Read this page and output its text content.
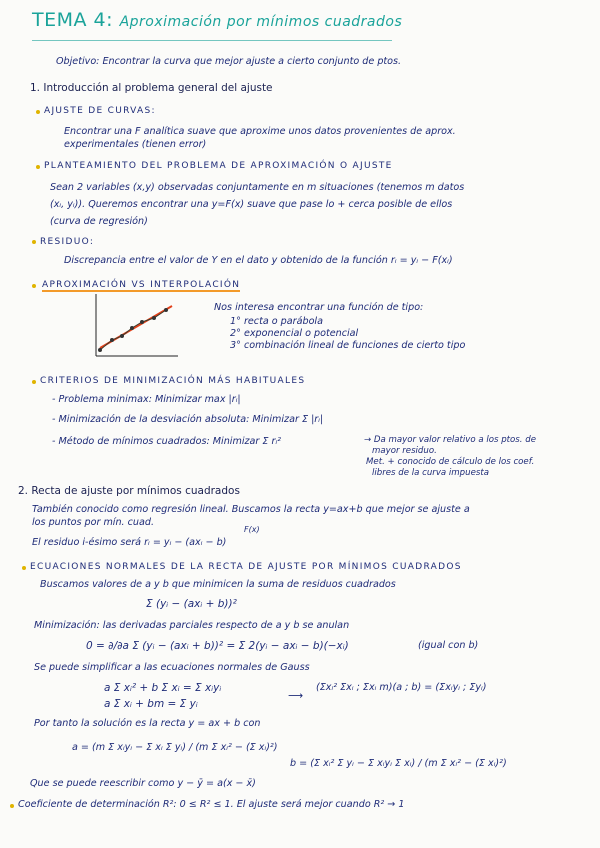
TEMA 4: Aproximación por mínimos cuadrados
Objetivo: Encontrar la curva que mejor ajuste a cierto conjunto de ptos.
1. Introducción al problema general del ajuste
AJUSTE DE CURVAS:
Encontrar una F analítica suave que aproxime unos datos provenientes de aprox.
experimentales (tienen error)
PLANTEAMIENTO DEL PROBLEMA DE APROXIMACIÓN O AJUSTE
Sean 2 variables (x,y) observadas conjuntamente en m situaciones (tenemos m datos
(xᵢ, yᵢ)). Queremos encontrar una y=F(x) suave que pase lo + cerca posible de ellos
(curva de regresión)
RESIDUO:
Discrepancia entre el valor de Y en el dato y obtenido de la función rᵢ = yᵢ − F(xᵢ)
APROXIMACIÓN VS INTERPOLACIÓN
Nos interesa encontrar una función de tipo:
1° recta o parábola
2° exponencial o potencial
3° combinación lineal de funciones de cierto tipo
CRITERIOS DE MINIMIZACIÓN MÁS HABITUALES
- Problema minimax: Minimizar max |rᵢ|
- Minimización de la desviación absoluta: Minimizar Σ |rᵢ|
- Método de mínimos cuadrados: Minimizar Σ rᵢ²	→ Da mayor valor relativo a los ptos. de
mayor residuo.
Met. + conocido de cálculo de los coef.
libres de la curva impuesta
2. Recta de ajuste por mínimos cuadrados
También conocido como regresión lineal. Buscamos la recta y=ax+b que mejor se ajuste a
los puntos por mín. cuad.
F(x)
El residuo i-ésimo será rᵢ = yᵢ − (axᵢ − b)
ECUACIONES NORMALES DE LA RECTA DE AJUSTE POR MÍNIMOS CUADRADOS
Buscamos valores de a y b que minimicen la suma de residuos cuadrados
Σ (yᵢ − (axᵢ + b))²
Minimización: las derivadas parciales respecto de a y b se anulan
0 = ∂/∂a Σ (yᵢ − (axᵢ + b))² = Σ 2(yᵢ − axᵢ − b)(−xᵢ)	(igual con b)
Se puede simplificar a las ecuaciones normales de Gauss
a Σ xᵢ² + b Σ xᵢ = Σ xᵢyᵢ
a Σ xᵢ + bm = Σ yᵢ
⟶
(Σxᵢ² Σxᵢ ; Σxᵢ m)(a ; b) = (Σxᵢyᵢ ; Σyᵢ)
Por tanto la solución es la recta y = ax + b con
a = (m Σ xᵢyᵢ − Σ xᵢ Σ yᵢ) / (m Σ xᵢ² − (Σ xᵢ)²)
b = (Σ xᵢ² Σ yᵢ − Σ xᵢyᵢ Σ xᵢ) / (m Σ xᵢ² − (Σ xᵢ)²)
Que se puede reescribir como y − ȳ = a(x − x̄)
Coeficiente de determinación R²: 0 ≤ R² ≤ 1. El ajuste será mejor cuando R² → 1
